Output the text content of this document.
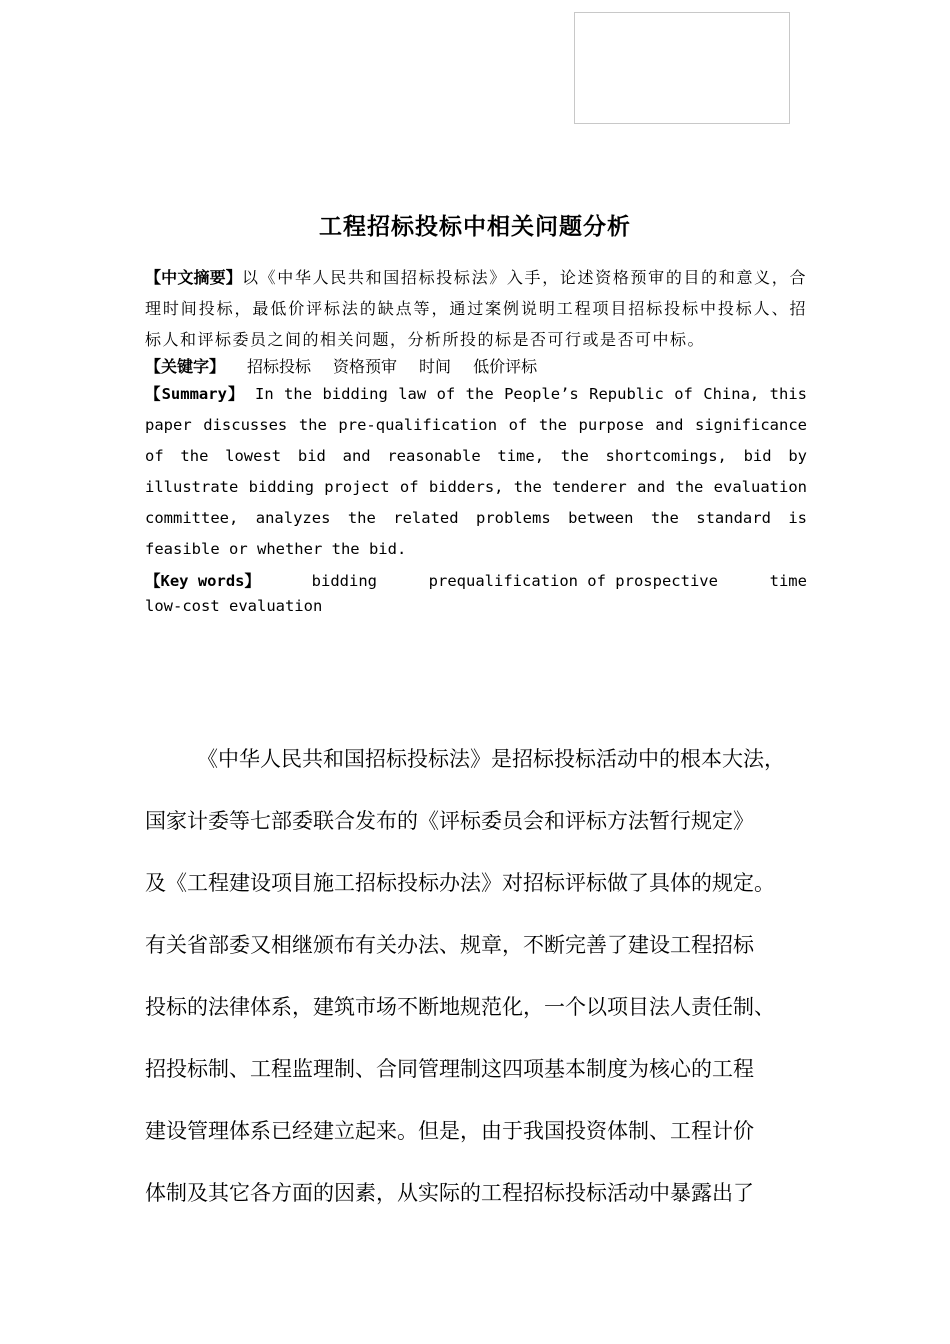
工程招标投标中相关问题分析

【中文摘要】以《中华人民共和国招标投标法》入手，论述资格预审的目的和意义，合理时间投标，最低价评标法的缺点等，通过案例说明工程项目招标投标中投标人、招标人和评标委员之间的相关问题，分析所投的标是否可行或是否可中标。

【关键字】 招标投标 资格预审 时间 低价评标

【Summary】 In the bidding law of the People’s Republic of China, this paper discusses the pre-qualification of the purpose and significance of the lowest bid and reasonable time, the shortcomings, bid by illustrate bidding project of bidders, the tenderer and the evaluation committee, analyzes the related problems between the standard is feasible or whether the bid.

【Key words】	bidding	prequalification of prospective	time
low-cost evaluation
《中华人民共和国招标投标法》是招标投标活动中的根本大法，
国家计委等七部委联合发布的《评标委员会和评标方法暂行规定》
及《工程建设项目施工招标投标办法》对招标评标做了具体的规定。
有关省部委又相继颁布有关办法、规章，不断完善了建设工程招标
投标的法律体系，建筑市场不断地规范化，一个以项目法人责任制、
招投标制、工程监理制、合同管理制这四项基本制度为核心的工程
建设管理体系已经建立起来。但是，由于我国投资体制、工程计价
体制及其它各方面的因素，从实际的工程招标投标活动中暴露出了
